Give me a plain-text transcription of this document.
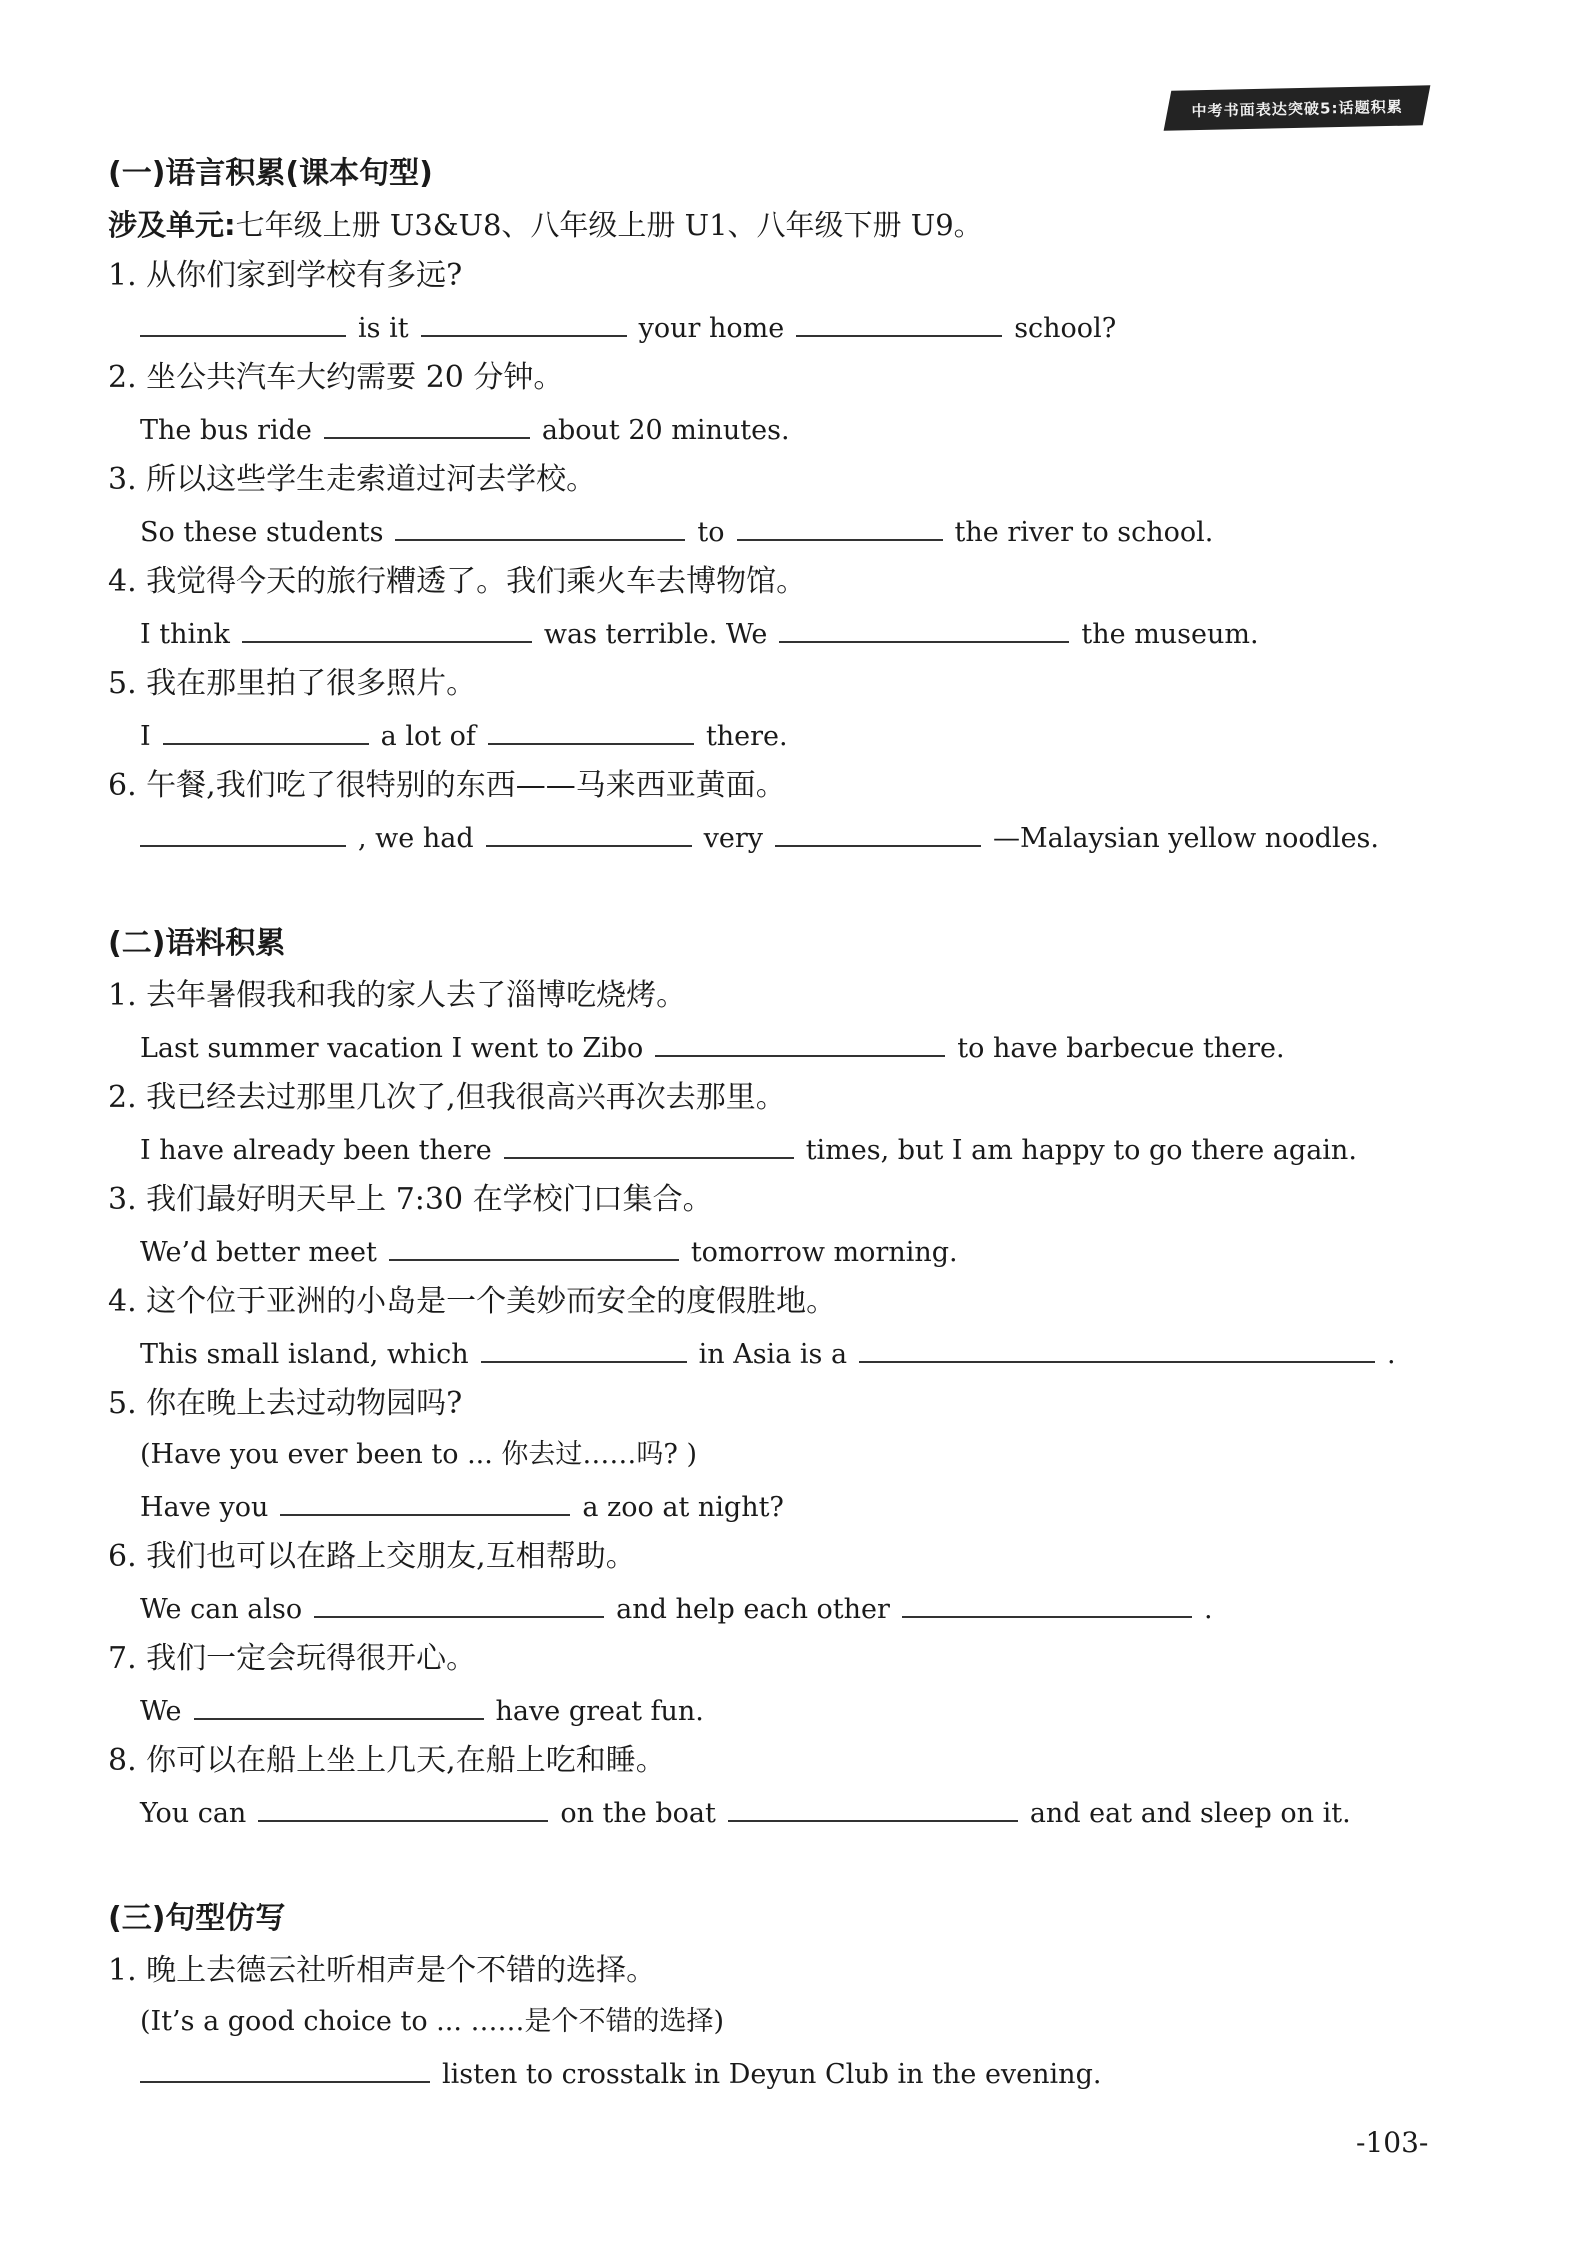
中考书面表达突破5:话题积累
(一)语言积累(课本句型)
涉及单元:七年级上册 U3&U8、八年级上册 U1、八年级下册 U9。
1. 从你们家到学校有多远?
is it	your home	school?
2. 坐公共汽车大约需要 20 分钟。
The bus ride	about 20 minutes.
3. 所以这些学生走索道过河去学校。
So these students	to	the river to school.
4. 我觉得今天的旅行糟透了。我们乘火车去博物馆。
I think	was terrible. We	the museum.
5. 我在那里拍了很多照片。
I	a lot of	there.
6. 午餐,我们吃了很特别的东西——马来西亚黄面。
, we had	very	—Malaysian yellow noodles.
(二)语料积累
1. 去年暑假我和我的家人去了淄博吃烧烤。
Last summer vacation I went to Zibo	to have barbecue there.
2. 我已经去过那里几次了,但我很高兴再次去那里。
I have already been there	times, but I am happy to go there again.
3. 我们最好明天早上 7:30 在学校门口集合。
We’d better meet	tomorrow morning.
4. 这个位于亚洲的小岛是一个美妙而安全的度假胜地。
This small island, which	in Asia is a	.
5. 你在晚上去过动物园吗?
(Have you ever been to ... 你去过……吗? )
Have you	a zoo at night?
6. 我们也可以在路上交朋友,互相帮助。
We can also	and help each other	.
7. 我们一定会玩得很开心。
We	have great fun.
8. 你可以在船上坐上几天,在船上吃和睡。
You can	on the boat	and eat and sleep on it.
(三)句型仿写
1. 晚上去德云社听相声是个不错的选择。
(It’s a good choice to ... ……是个不错的选择)
listen to crosstalk in Deyun Club in the evening.
-103-
